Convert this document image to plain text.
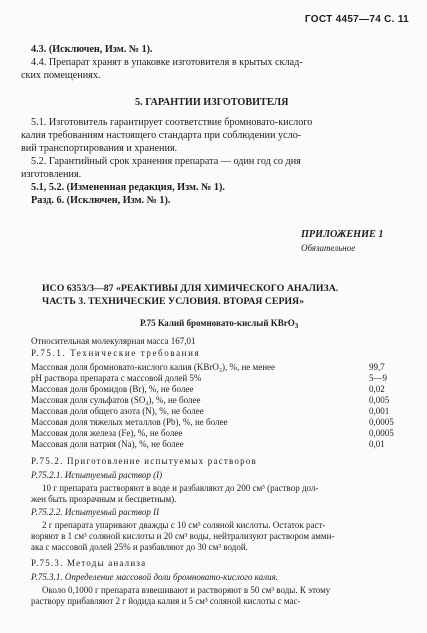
ГОСТ 4457—74 С. 11
4.3. (Исключен, Изм. № 1).
4.4. Препарат хранят в упаковке изготовителя в крытых склад-
ских помещениях.
5. ГАРАНТИИ ИЗГОТОВИТЕЛЯ
5.1. Изготовитель гарантирует соответствие бромновато-кислого
калия требованиям настоящего стандарта при соблюдении усло-
вий транспортирования и хранения.
5.2. Гарантийный срок хранения препарата — один год со дня
изготовления.
5.1, 5.2. (Измененная редакция, Изм. № 1).
Разд. 6. (Исключен, Изм. № 1).
ПРИЛОЖЕНИЕ 1
Обязательное
ИСО 6353/3—87 «РЕАКТИВЫ ДЛЯ ХИМИЧЕСКОГО АНАЛИЗА.
ЧАСТЬ 3. ТЕХНИЧЕСКИЕ УСЛОВИЯ. ВТОРАЯ СЕРИЯ»
Р.75 Калий бромновато-кислый KBrO$_3$
Относительная молекулярная масса 167,01
Р.75.1. Технические требования
Массовая доля бромновато-кислого калия (KBrO₃), %, не менее	99,7
pH раствора препарата с массовой долей 5%	5—9
Массовая доля бромидов (Br), %, не более	0,02
Массовая доля сульфатов (SO₄), %, не более	0,005
Массовая доля общего азота (N), %, не более	0,001
Массовая доля тяжелых металлов (Pb), %, не более	0,0005
Массовая доля железа (Fe), %, не более	0,0005
Массовая доля натрия (Na), %, не более	0,01
Р.75.2. Приготовление испытуемых растворов
Р.75.2.1. Испытуемый раствор (I)
10 г препарата растворяют в воде и разбавляют до 200 см³ (раствор дол-
жен быть прозрачным и бесцветным).
Р.75.2.2. Испытуемый раствор II
2 г препарата упаривают дважды с 10 см³ соляной кислоты. Остаток раст-
воряют в 1 см³ соляной кислоты и 20 см³ воды, нейтрализуют раствором амми-
ака с массовой долей 25% и разбавляют до 30 см³ водой.
Р.75.3. Методы анализа
Р.75.3.1. Определение массовой доли бромновато-кислого калия.
Около 0,1000 г препарата взвешивают и растворяют в 50 см³ воды. К этому
раствору прибавляют 2 г йодида калия и 5 см³ соляной кислоты с мас-
